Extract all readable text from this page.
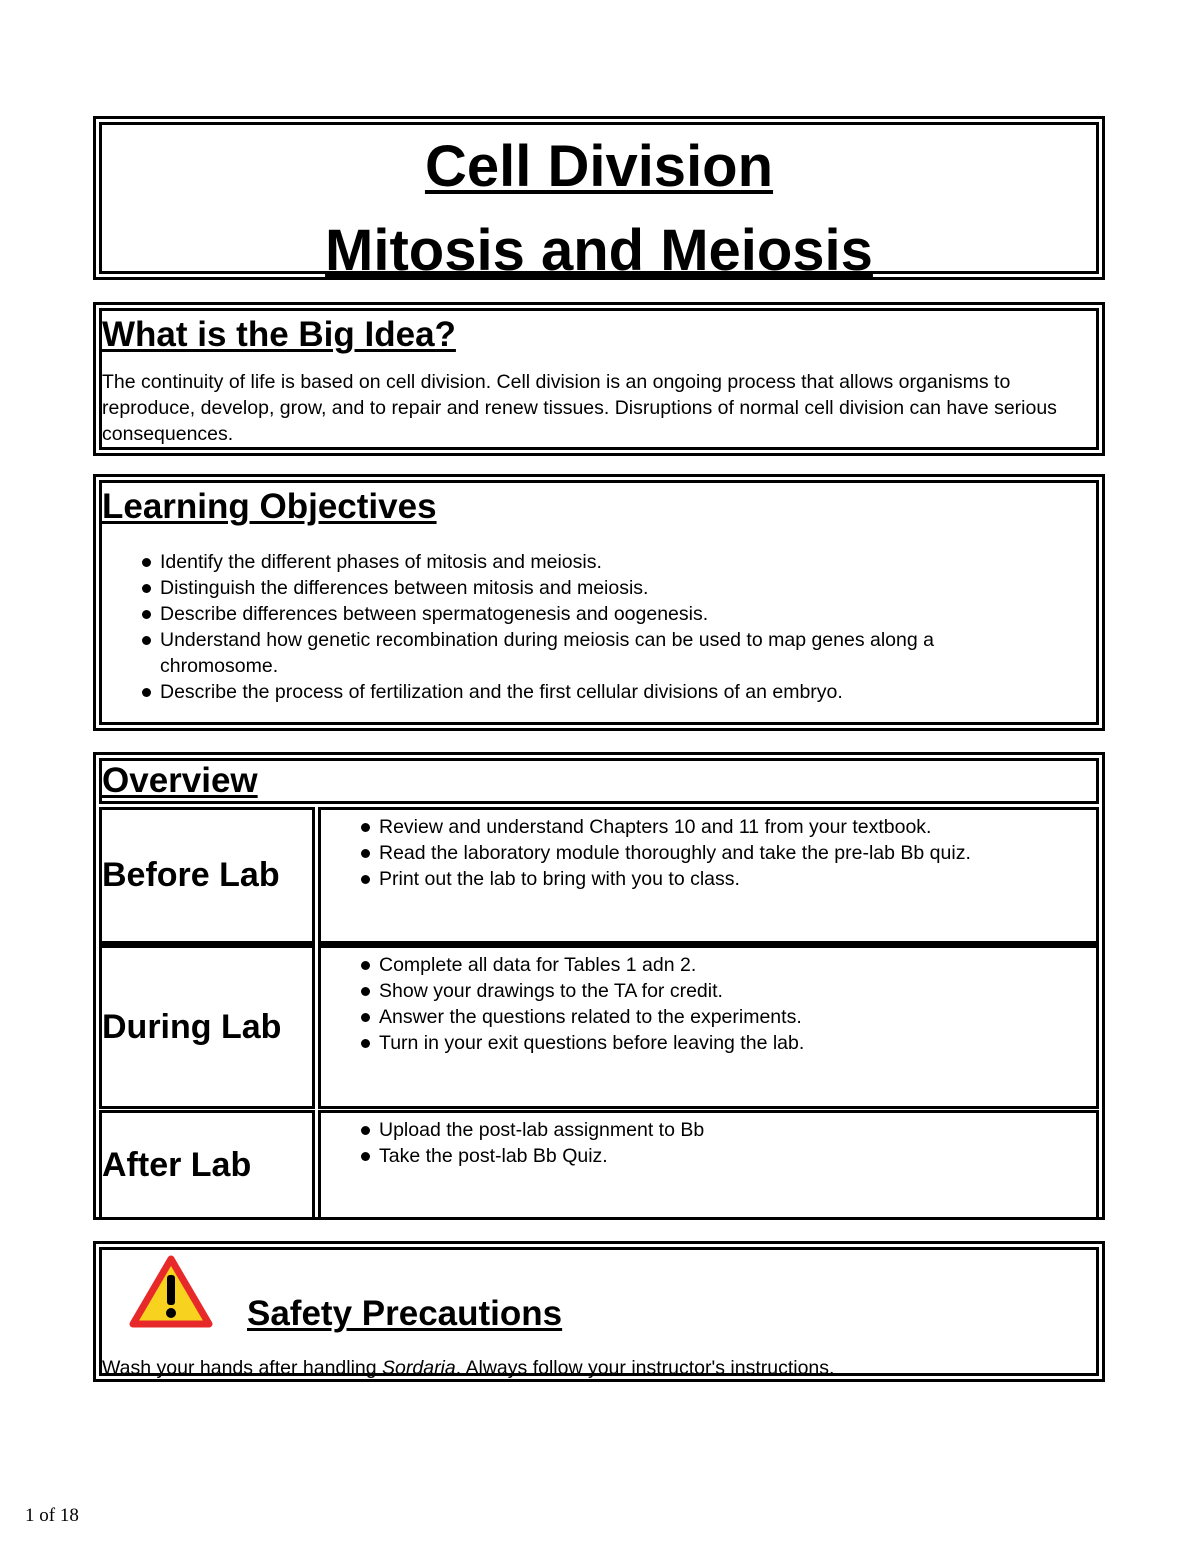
Cell Division
Mitosis and Meiosis

What is the Big Idea?

The continuity of life is based on cell division. Cell division is an ongoing process that allows organisms to reproduce, develop, grow, and to repair and renew tissues. Disruptions of normal cell division can have serious consequences.

Learning Objectives

Identify the different phases of mitosis and meiosis.
Distinguish the differences between mitosis and meiosis.
Describe differences between spermatogenesis and oogenesis.
Understand how genetic recombination during meiosis can be used to map genes along a chromosome.
Describe the process of fertilization and the first cellular divisions of an embryo.

Overview

Before Lab
Review and understand Chapters 10 and 11 from your textbook.
Read the laboratory module thoroughly and take the pre-lab Bb quiz.
Print out the lab to bring with you to class.
During Lab
Complete all data for Tables 1 adn 2.
Show your drawings to the TA for credit.
Answer the questions related to the experiments.
Turn in your exit questions before leaving the lab.
After Lab
Upload the post-lab assignment to Bb
Take the post-lab Bb Quiz.

Safety Precautions

Wash your hands after handling Sordaria. Always follow your instructor's instructions.

1 of 18
